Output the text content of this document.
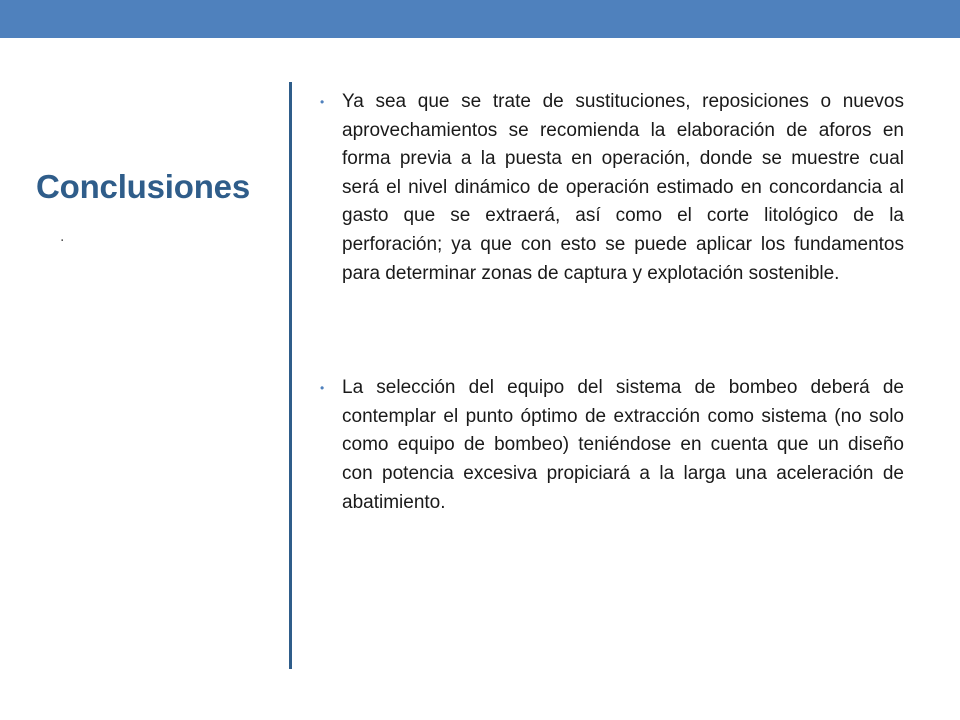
Conclusiones
.
• Ya sea que se trate de sustituciones, reposiciones o nuevos aprovechamientos se recomienda la elaboración de aforos en forma previa a la puesta en operación, donde se muestre cual será el nivel dinámico de operación estimado en concordancia al gasto que se extraerá, así como el corte litológico de la perforación; ya que con esto se puede aplicar los fundamentos para determinar zonas de captura y explotación sostenible.
• La selección del equipo del sistema de bombeo deberá de contemplar el punto óptimo de extracción como sistema (no solo como equipo de bombeo) teniéndose en cuenta que un diseño con potencia excesiva propiciará a la larga una aceleración de abatimiento.
